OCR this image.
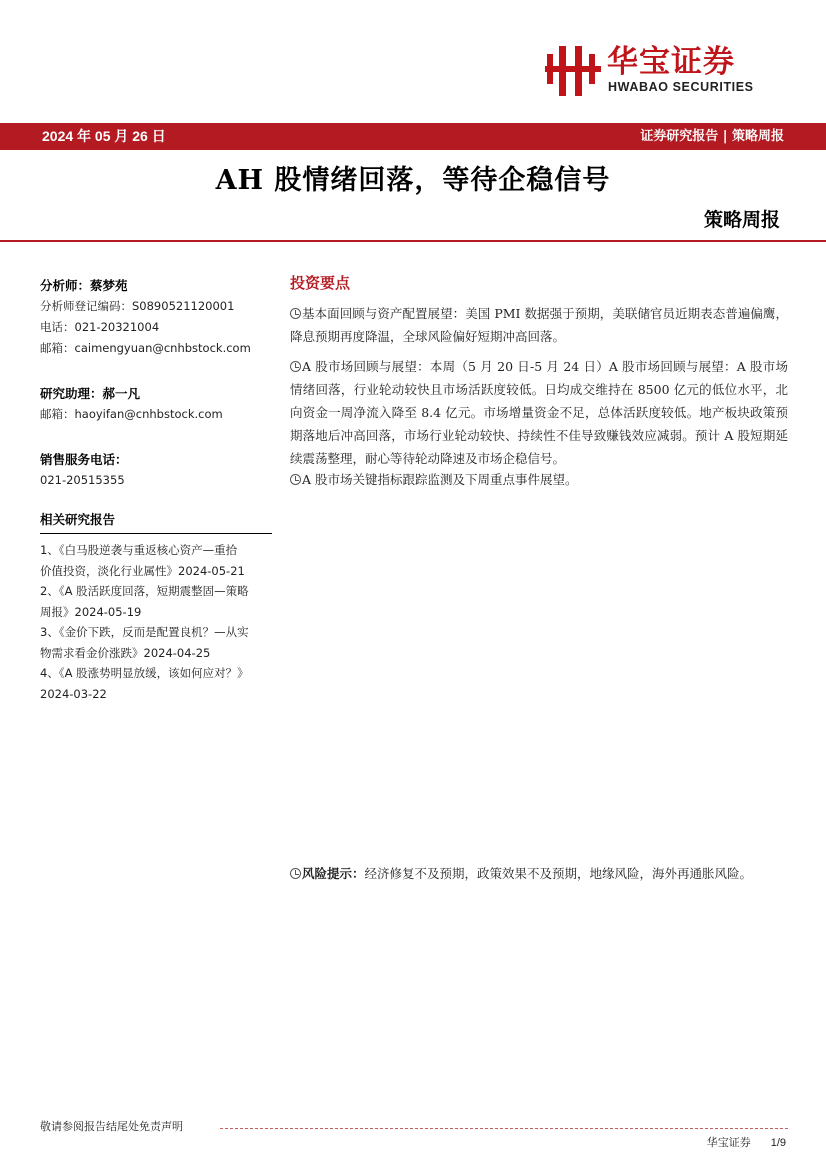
华宝证券
HWABAO SECURITIES
2024 年 05 月 26 日	证券研究报告 | 策略周报
AH 股情绪回落，等待企稳信号
策略周报
分析师：蔡梦苑
分析师登记编码：S0890521120001
电话：021-20321004
邮箱：caimengyuan@cnhbstock.com
研究助理：郝一凡
邮箱：haoyifan@cnhbstock.com
销售服务电话：
021-20515355
相关研究报告
1、《白马股逆袭与重返核心资产—重拾
价值投资，淡化行业属性》2024-05-21
2、《A 股活跃度回落，短期震整固—策略
周报》2024-05-19
3、《金价下跌，反而是配置良机？—从实
物需求看金价涨跌》2024-04-25
4、《A 股涨势明显放缓，该如何应对？》
2024-03-22
投资要点
基本面回顾与资产配置展望：美国 PMI 数据强于预期，美联储官员近期表态普遍偏鹰，降息预期再度降温，全球风险偏好短期冲高回落。
A 股市场回顾与展望：本周（5 月 20 日-5 月 24 日）A 股市场回顾与展望：A 股市场情绪回落，行业轮动较快且市场活跃度较低。日均成交维持在 8500 亿元的低位水平，北向资金一周净流入降至 8.4 亿元。市场增量资金不足，总体活跃度较低。地产板块政策预期落地后冲高回落，市场行业轮动较快、持续性不佳导致赚钱效应减弱。预计 A 股短期延续震荡整理，耐心等待轮动降速及市场企稳信号。
A 股市场关键指标跟踪监测及下周重点事件展望。
风险提示：经济修复不及预期，政策效果不及预期，地缘风险，海外再通胀风险。
敬请参阅报告结尾处免责声明
华宝证券 1/9
